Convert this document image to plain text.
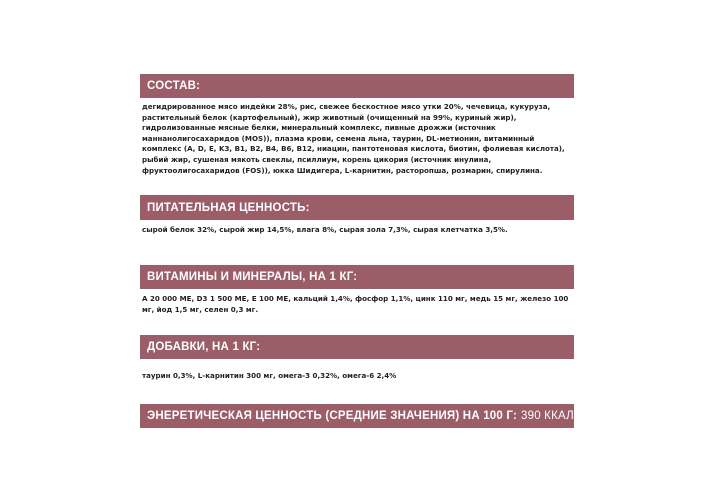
СОСТАВ:

дегидрированное мясо индейки 28%, рис, свежее бескостное мясо утки 20%, чечевица, кукуруза, растительный белок (картофельный), жир животный (очищенный на 99%, куриный жир), гидролизованные мясные белки, минеральный комплекс, пивные дрожжи (источник маннанолигосахаридов (MOS)), плазма крови, семена льна, таурин, DL-метионин, витаминный комплекс (A, D, E, K3, B1, B2, B4, B6, B12, ниацин, пантотеновая кислота, биотин, фолиевая кислота), рыбий жир, сушеная мякоть свеклы, псиллиум, корень цикория (источник инулина, фруктоолигосахаридов (FOS)), юкка Шидигера, L-карнитин, расторопша, розмарин, спирулина.

ПИТАТЕЛЬНАЯ ЦЕННОСТЬ:

сырой белок 32%, сырой жир 14,5%, влага 8%, сырая зола 7,3%, сырая клетчатка 3,5%.

ВИТАМИНЫ И МИНЕРАЛЫ, НА 1 КГ:

А 20 000 МЕ, D3 1 500 МЕ, Е 100 МЕ, кальций 1,4%, фосфор 1,1%, цинк 110 мг, медь 15 мг, железо 100 мг, йод 1,5 мг, селен 0,3 мг.

ДОБАВКИ, НА 1 КГ:

таурин 0,3%, L-карнитин 300 мг, омега-3 0,32%, омега-6 2,4%

ЭНЕРЕТИЧЕСКАЯ ЦЕННОСТЬ (СРЕДНИЕ ЗНАЧЕНИЯ) НА 100 Г: 390 ККАЛ.
